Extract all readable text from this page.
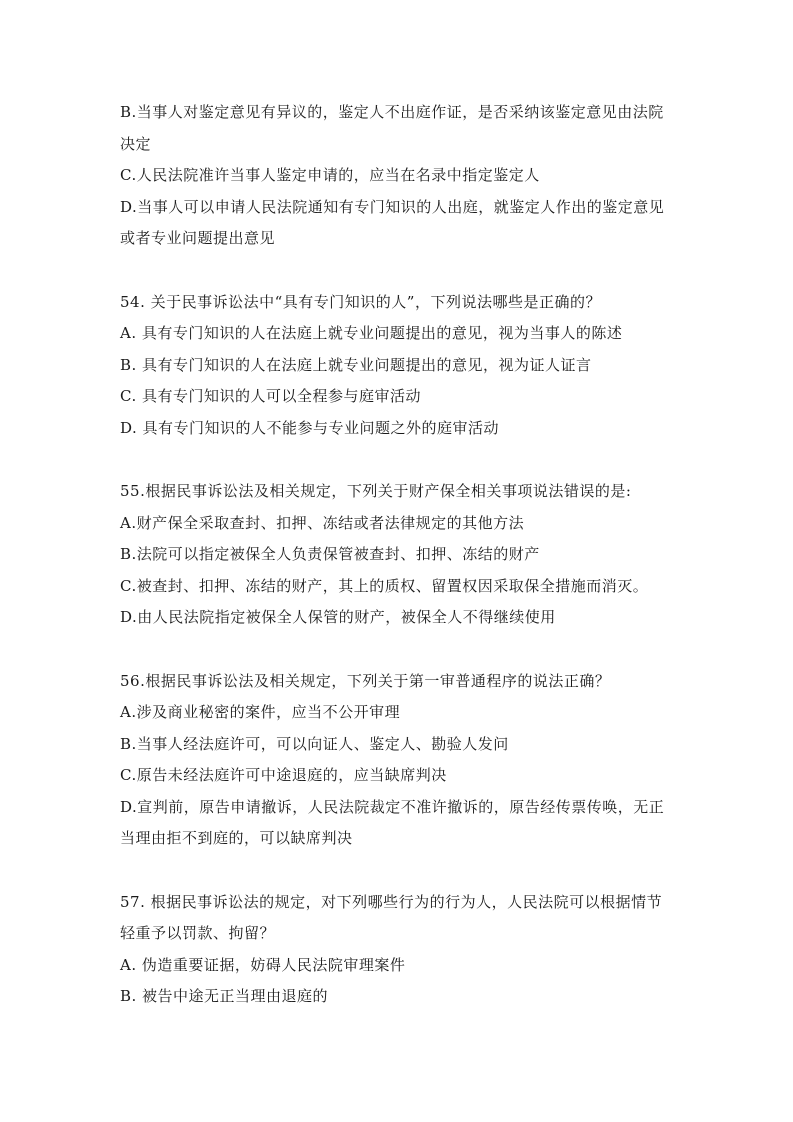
B.当事人对鉴定意见有异议的，鉴定人不出庭作证，是否采纳该鉴定意见由法院
决定
C.人民法院准许当事人鉴定申请的，应当在名录中指定鉴定人
D.当事人可以申请人民法院通知有专门知识的人出庭，就鉴定人作出的鉴定意见
或者专业问题提出意见
54. 关于民事诉讼法中“具有专门知识的人”，下列说法哪些是正确的？
A. 具有专门知识的人在法庭上就专业问题提出的意见，视为当事人的陈述
B. 具有专门知识的人在法庭上就专业问题提出的意见，视为证人证言
C. 具有专门知识的人可以全程参与庭审活动
D. 具有专门知识的人不能参与专业问题之外的庭审活动
55.根据民事诉讼法及相关规定，下列关于财产保全相关事项说法错误的是:
A.财产保全采取查封、扣押、冻结或者法律规定的其他方法
B.法院可以指定被保全人负责保管被查封、扣押、冻结的财产
C.被查封、扣押、冻结的财产，其上的质权、留置权因采取保全措施而消灭。
D.由人民法院指定被保全人保管的财产，被保全人不得继续使用
56.根据民事诉讼法及相关规定，下列关于第一审普通程序的说法正确？
A.涉及商业秘密的案件，应当不公开审理
B.当事人经法庭许可，可以向证人、鉴定人、勘验人发问
C.原告未经法庭许可中途退庭的，应当缺席判决
D.宣判前，原告申请撤诉，人民法院裁定不准许撤诉的，原告经传票传唤，无正
当理由拒不到庭的，可以缺席判决
57. 根据民事诉讼法的规定，对下列哪些行为的行为人，人民法院可以根据情节
轻重予以罚款、拘留？
A. 伪造重要证据，妨碍人民法院审理案件
B. 被告中途无正当理由退庭的
